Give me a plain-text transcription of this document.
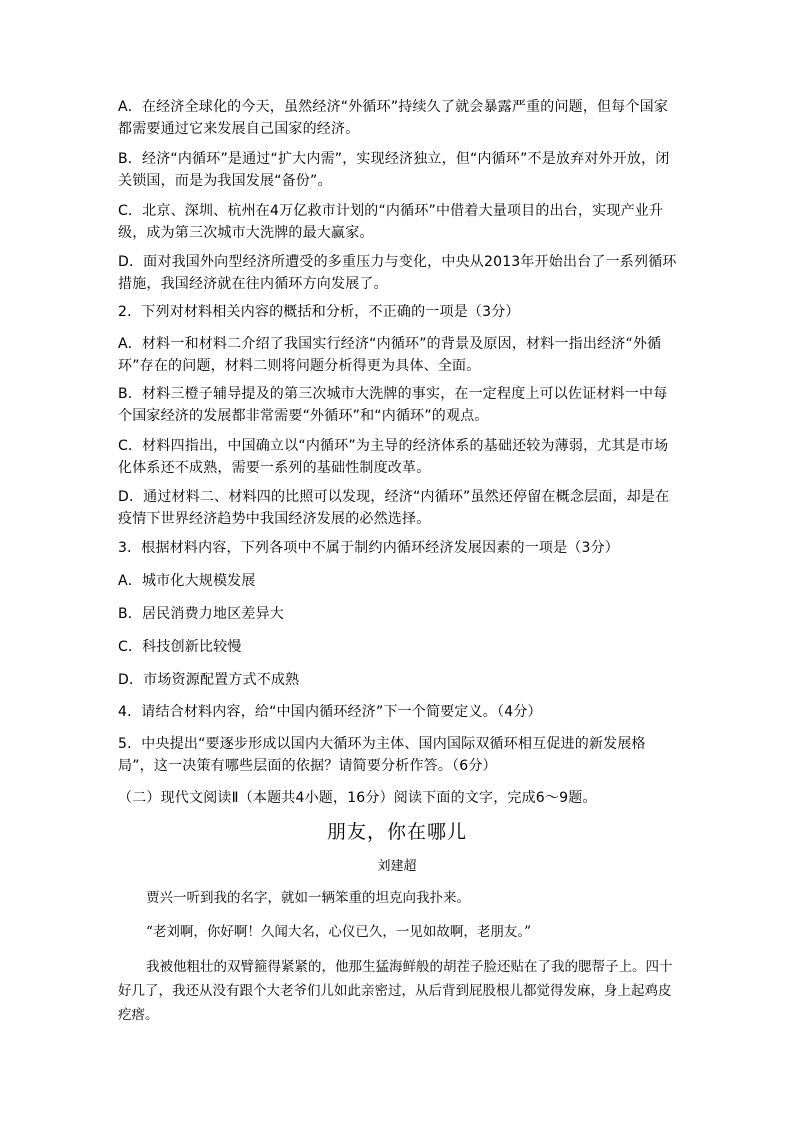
A．在经济全球化的今天，虽然经济“外循环”持续久了就会暴露严重的问题，但每个国家都需要通过它来发展自己国家的经济。

B．经济“内循环”是通过“扩大内需”，实现经济独立，但“内循环”不是放弃对外开放，闭关锁国，而是为我国发展“备份”。

C．北京、深圳、杭州在4万亿救市计划的“内循环”中借着大量项目的出台，实现产业升级，成为第三次城市大洗牌的最大赢家。

D．面对我国外向型经济所遭受的多重压力与变化，中央从2013年开始出台了一系列循环措施，我国经济就在往内循环方向发展了。

2．下列对材料相关内容的概括和分析，不正确的一项是（3分）

A．材料一和材料二介绍了我国实行经济“内循环”的背景及原因，材料一指出经济“外循环”存在的问题，材料二则将问题分析得更为具体、全面。

B．材料三橙子辅导提及的第三次城市大洗牌的事实，在一定程度上可以佐证材料一中每个国家经济的发展都非常需要“外循环”和“内循环”的观点。

C．材料四指出，中国确立以“内循环”为主导的经济体系的基础还较为薄弱，尤其是市场化体系还不成熟，需要一系列的基础性制度改革。

D．通过材料二、材料四的比照可以发现，经济“内循环”虽然还停留在概念层面，却是在疫情下世界经济趋势中我国经济发展的必然选择。

3．根据材料内容，下列各项中不属于制约内循环经济发展因素的一项是（3分）

A．城市化大规模发展

B．居民消费力地区差异大

C．科技创新比较慢

D．市场资源配置方式不成熟

4．请结合材料内容，给“中国内循环经济”下一个简要定义。（4分）

5．中央提出“要逐步形成以国内大循环为主体、国内国际双循环相互促进的新发展格局”，这一决策有哪些层面的依据？请简要分析作答。（6分）

（二）现代文阅读Ⅱ（本题共4小题，16分）阅读下面的文字，完成6～9题。

朋友，你在哪儿
刘建超

贾兴一听到我的名字，就如一辆笨重的坦克向我扑来。

“老刘啊，你好啊！久闻大名，心仪已久，一见如故啊，老朋友。”

我被他粗壮的双臂箍得紧紧的，他那生猛海鲜般的胡茬子脸还贴在了我的腮帮子上。四十好几了，我还从没有跟个大老爷们儿如此亲密过，从后背到屁股根儿都觉得发麻，身上起鸡皮疙瘩。
